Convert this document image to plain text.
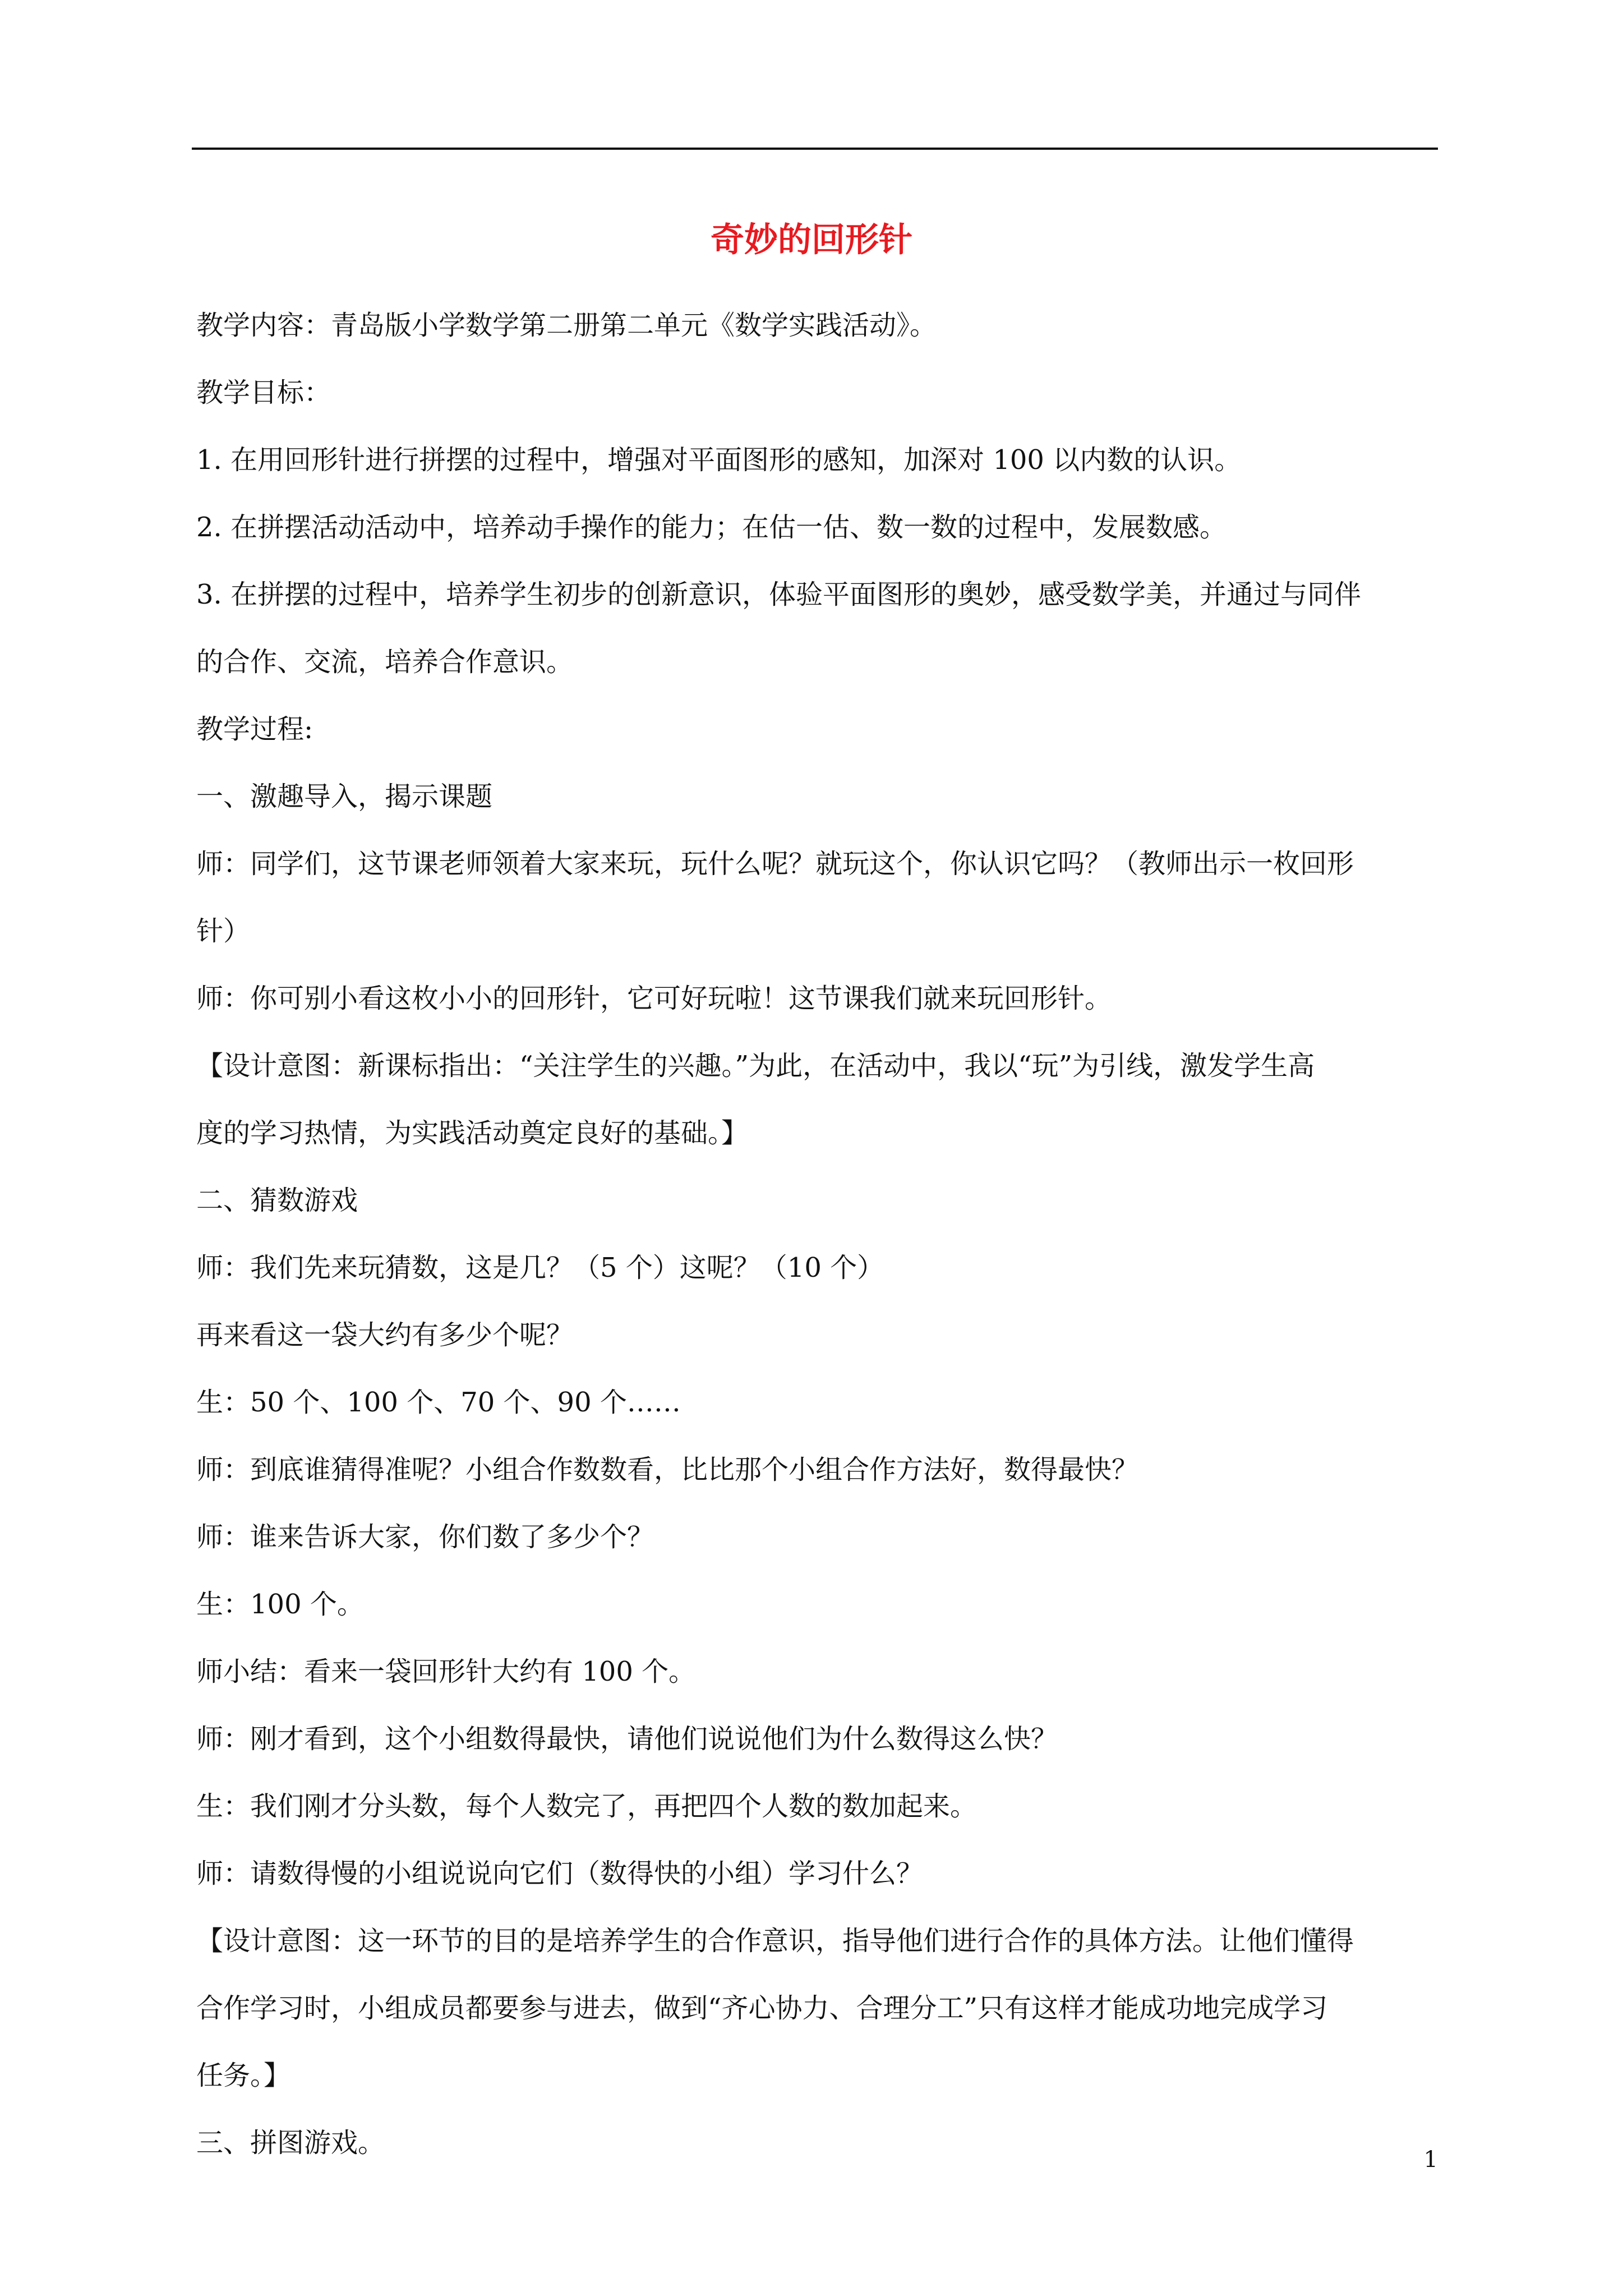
奇妙的回形针

教学内容：青岛版小学数学第二册第二单元《数学实践活动》。

教学目标：

1. 在用回形针进行拼摆的过程中，增强对平面图形的感知，加深对 100 以内数的认识。

2. 在拼摆活动活动中，培养动手操作的能力；在估一估、数一数的过程中，发展数感。

3. 在拼摆的过程中，培养学生初步的创新意识，体验平面图形的奥妙，感受数学美，并通过与同伴

的合作、交流，培养合作意识。

教学过程:

一、激趣导入，揭示课题

师：同学们，这节课老师领着大家来玩，玩什么呢？就玩这个，你认识它吗？（教师出示一枚回形

针）

师：你可别小看这枚小小的回形针，它可好玩啦！这节课我们就来玩回形针。

【设计意图：新课标指出：“关注学生的兴趣。”为此，在活动中，我以“玩”为引线，激发学生高

度的学习热情，为实践活动奠定良好的基础。】

二、猜数游戏

师：我们先来玩猜数，这是几？（5 个）这呢？（10 个）

再来看这一袋大约有多少个呢？

生：50 个、100 个、70 个、90 个……

师：到底谁猜得准呢？小组合作数数看，比比那个小组合作方法好，数得最快？

师：谁来告诉大家，你们数了多少个？

生：100 个。

师小结：看来一袋回形针大约有 100 个。

师：刚才看到，这个小组数得最快，请他们说说他们为什么数得这么快？

生：我们刚才分头数，每个人数完了，再把四个人数的数加起来。

师：请数得慢的小组说说向它们（数得快的小组）学习什么？

【设计意图：这一环节的目的是培养学生的合作意识，指导他们进行合作的具体方法。让他们懂得

合作学习时，小组成员都要参与进去，做到“齐心协力、合理分工”只有这样才能成功地完成学习

任务。】

三、拼图游戏。

1
